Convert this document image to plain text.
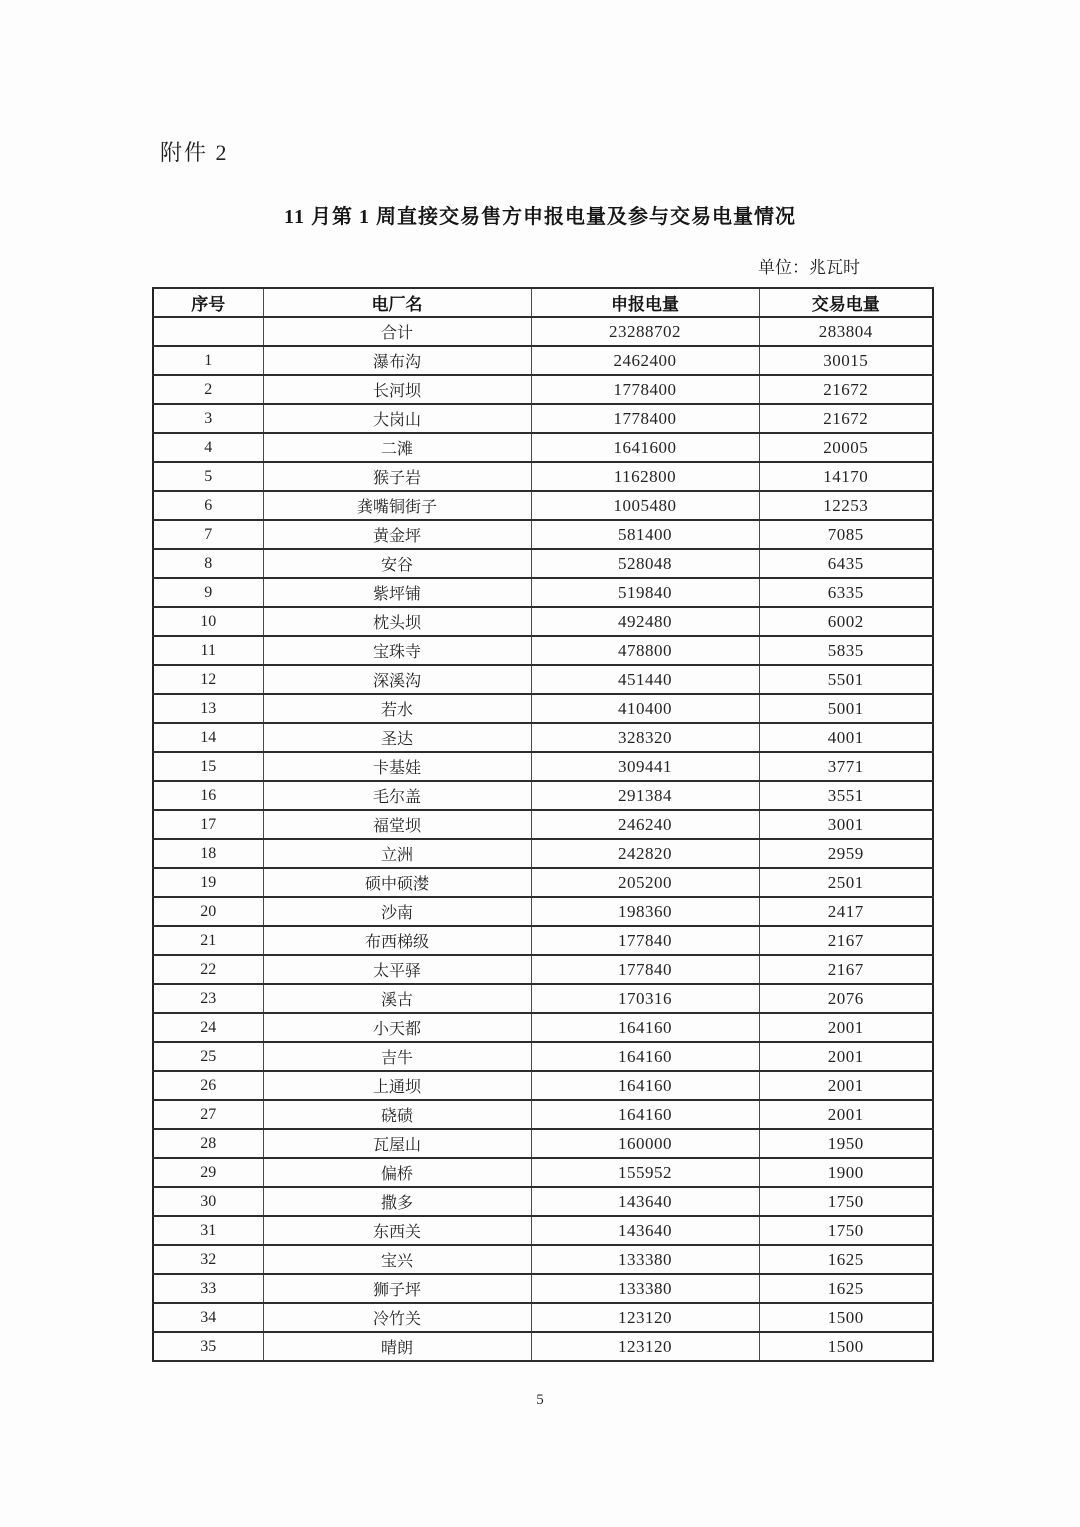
附件 2
11 月第 1 周直接交易售方申报电量及参与交易电量情况
单位：兆瓦时
序号	电厂名	申报电量	交易电量
	合计	23288702	283804
1	瀑布沟	2462400	30015
2	长河坝	1778400	21672
3	大岗山	1778400	21672
4	二滩	1641600	20005
5	猴子岩	1162800	14170
6	龚嘴铜街子	1005480	12253
7	黄金坪	581400	7085
8	安谷	528048	6435
9	紫坪铺	519840	6335
10	枕头坝	492480	6002
11	宝珠寺	478800	5835
12	深溪沟	451440	5501
13	若水	410400	5001
14	圣达	328320	4001
15	卡基娃	309441	3771
16	毛尔盖	291384	3551
17	福堂坝	246240	3001
18	立洲	242820	2959
19	硕中硕漤	205200	2501
20	沙南	198360	2417
21	布西梯级	177840	2167
22	太平驿	177840	2167
23	溪古	170316	2076
24	小天都	164160	2001
25	吉牛	164160	2001
26	上通坝	164160	2001
27	硗碛	164160	2001
28	瓦屋山	160000	1950
29	偏桥	155952	1900
30	撒多	143640	1750
31	东西关	143640	1750
32	宝兴	133380	1625
33	狮子坪	133380	1625
34	冷竹关	123120	1500
35	晴朗	123120	1500
5
